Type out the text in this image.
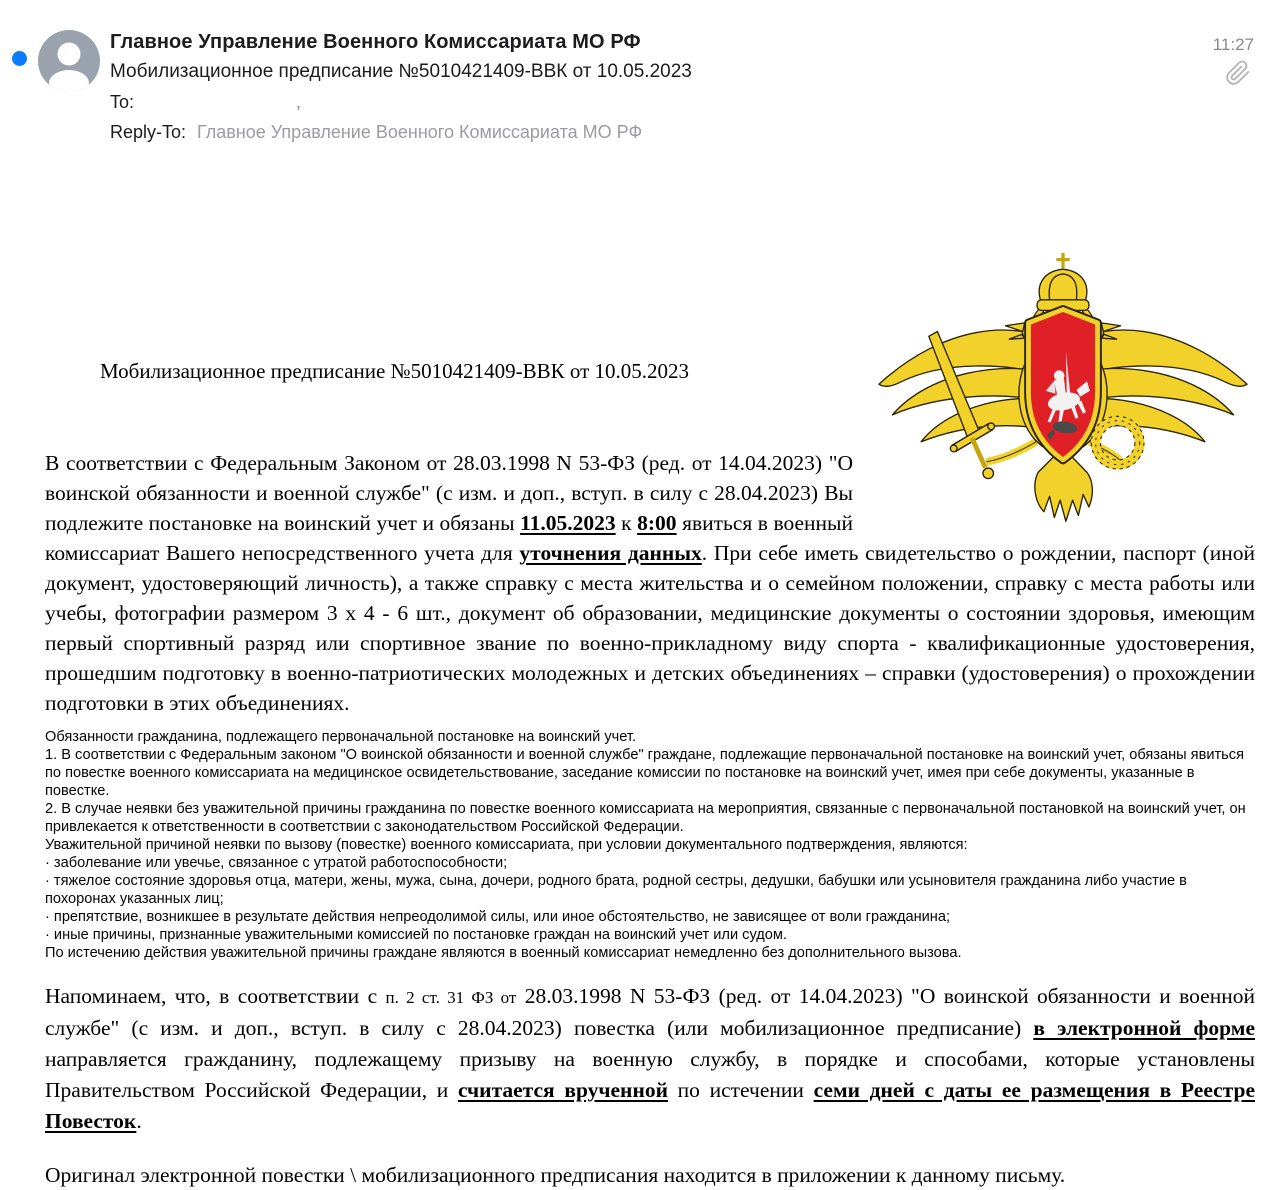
Главное Управление Военного Комиссариата МО РФ
Мобилизационное предписание №5010421409-ВВК от 10.05.2023
To:	,
Reply-To: Главное Управление Военного Комиссариата МО РФ
11:27
Мобилизационное предписание №5010421409-ВВК от 10.05.2023
В соответствии с Федеральным Законом от 28.03.1998 N 53-ФЗ (ред. от 14.04.2023) "О воинской обязанности и военной службе" (с изм. и доп., вступ. в силу с 28.04.2023) Вы подлежите постановке на воинский учет и обязаны 11.05.2023 к 8:00 явиться в военный комиссариат Вашего непосредственного учета для уточнения данных. При себе иметь свидетельство о рождении, паспорт (иной документ, удостоверяющий личность), а также справку с места жительства и о семейном положении, справку с места работы или учебы, фотографии размером 3 х 4 - 6 шт., документ об образовании, медицинские документы о состоянии здоровья, имеющим первый спортивный разряд или спортивное звание по военно-прикладному виду спорта - квалификационные удостоверения, прошедшим подготовку в военно-патриотических молодежных и детских объединениях – справки (удостоверения) о прохождении подготовки в этих объединениях.
Обязанности гражданина, подлежащего первоначальной постановке на воинский учет.
1. В соответствии с Федеральным законом "О воинской обязанности и военной службе" граждане, подлежащие первоначальной постановке на воинский учет, обязаны явиться по повестке военного комиссариата на медицинское освидетельствование, заседание комиссии по постановке на воинский учет, имея при себе документы, указанные в повестке.
2. В случае неявки без уважительной причины гражданина по повестке военного комиссариата на мероприятия, связанные с первоначальной постановкой на воинский учет, он привлекается к ответственности в соответствии с законодательством Российской Федерации.
Уважительной причиной неявки по вызову (повестке) военного комиссариата, при условии документального подтверждения, являются:
· заболевание или увечье, связанное с утратой работоспособности;
· тяжелое состояние здоровья отца, матери, жены, мужа, сына, дочери, родного брата, родной сестры, дедушки, бабушки или усыновителя гражданина либо участие в похоронах указанных лиц;
· препятствие, возникшее в результате действия непреодолимой силы, или иное обстоятельство, не зависящее от воли гражданина;
· иные причины, признанные уважительными комиссией по постановке граждан на воинский учет или судом.
По истечению действия уважительной причины граждане являются в военный комиссариат немедленно без дополнительного вызова.
Напоминаем, что, в соответствии с п. 2 ст. 31 ФЗ от 28.03.1998 N 53-ФЗ (ред. от 14.04.2023) "О воинской обязанности и военной службе" (с изм. и доп., вступ. в силу с 28.04.2023) повестка (или мобилизационное предписание) в электронной форме направляется гражданину, подлежащему призыву на военную службу, в порядке и способами, которые установлены Правительством Российской Федерации, и считается врученной по истечении семи дней с даты ее размещения в Реестре Повесток.
Оригинал электронной повестки \ мобилизационного предписания находится в приложении к данному письму.
